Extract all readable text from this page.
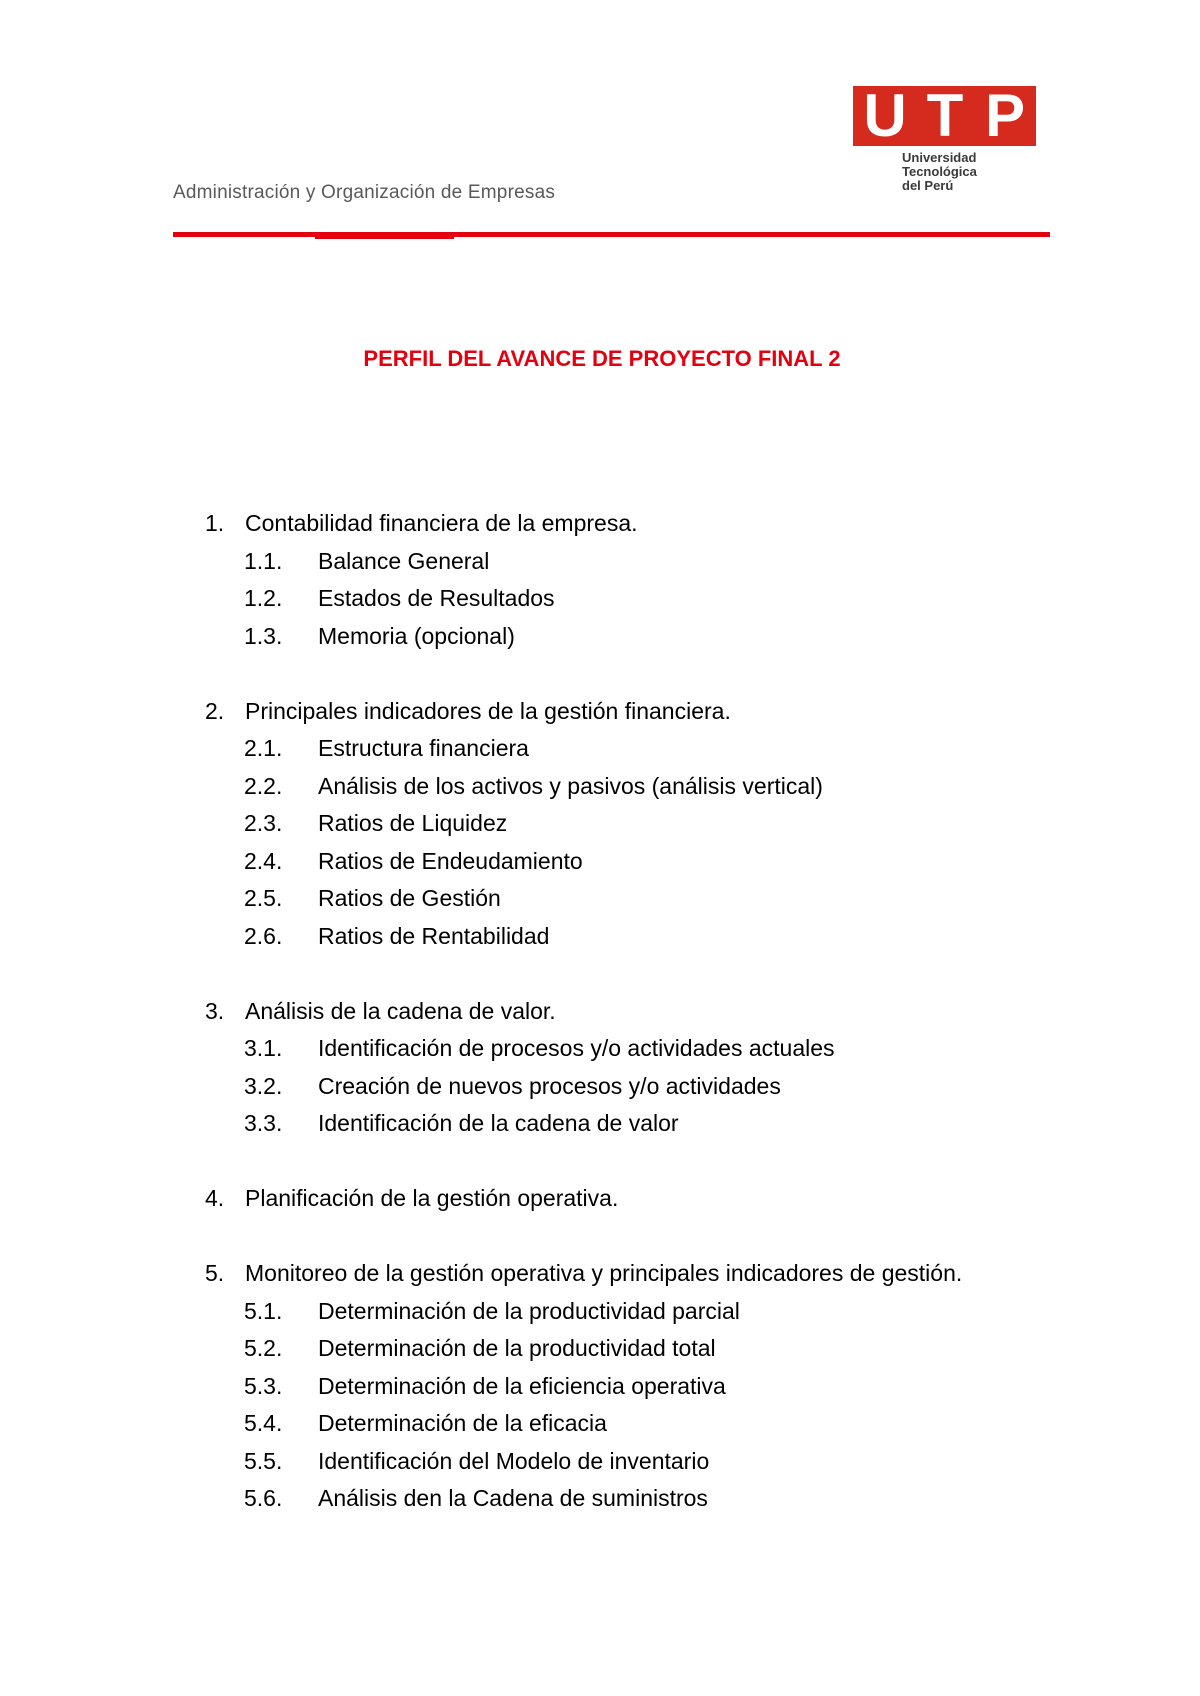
Administración y Organización de Empresas
U T P
Universidad
Tecnológica
del Perú
PERFIL DEL AVANCE DE PROYECTO FINAL 2
1. Contabilidad financiera de la empresa.
1.1. Balance General
1.2. Estados de Resultados
1.3. Memoria (opcional)
2. Principales indicadores de la gestión financiera.
2.1. Estructura financiera
2.2. Análisis de los activos y pasivos (análisis vertical)
2.3. Ratios de Liquidez
2.4. Ratios de Endeudamiento
2.5. Ratios de Gestión
2.6. Ratios de Rentabilidad
3. Análisis de la cadena de valor.
3.1. Identificación de procesos y/o actividades actuales
3.2. Creación de nuevos procesos y/o actividades
3.3. Identificación de la cadena de valor
4. Planificación de la gestión operativa.
5. Monitoreo de la gestión operativa y principales indicadores de gestión.
5.1. Determinación de la productividad parcial
5.2. Determinación de la productividad total
5.3. Determinación de la eficiencia operativa
5.4. Determinación de la eficacia
5.5. Identificación del Modelo de inventario
5.6. Análisis den la Cadena de suministros
